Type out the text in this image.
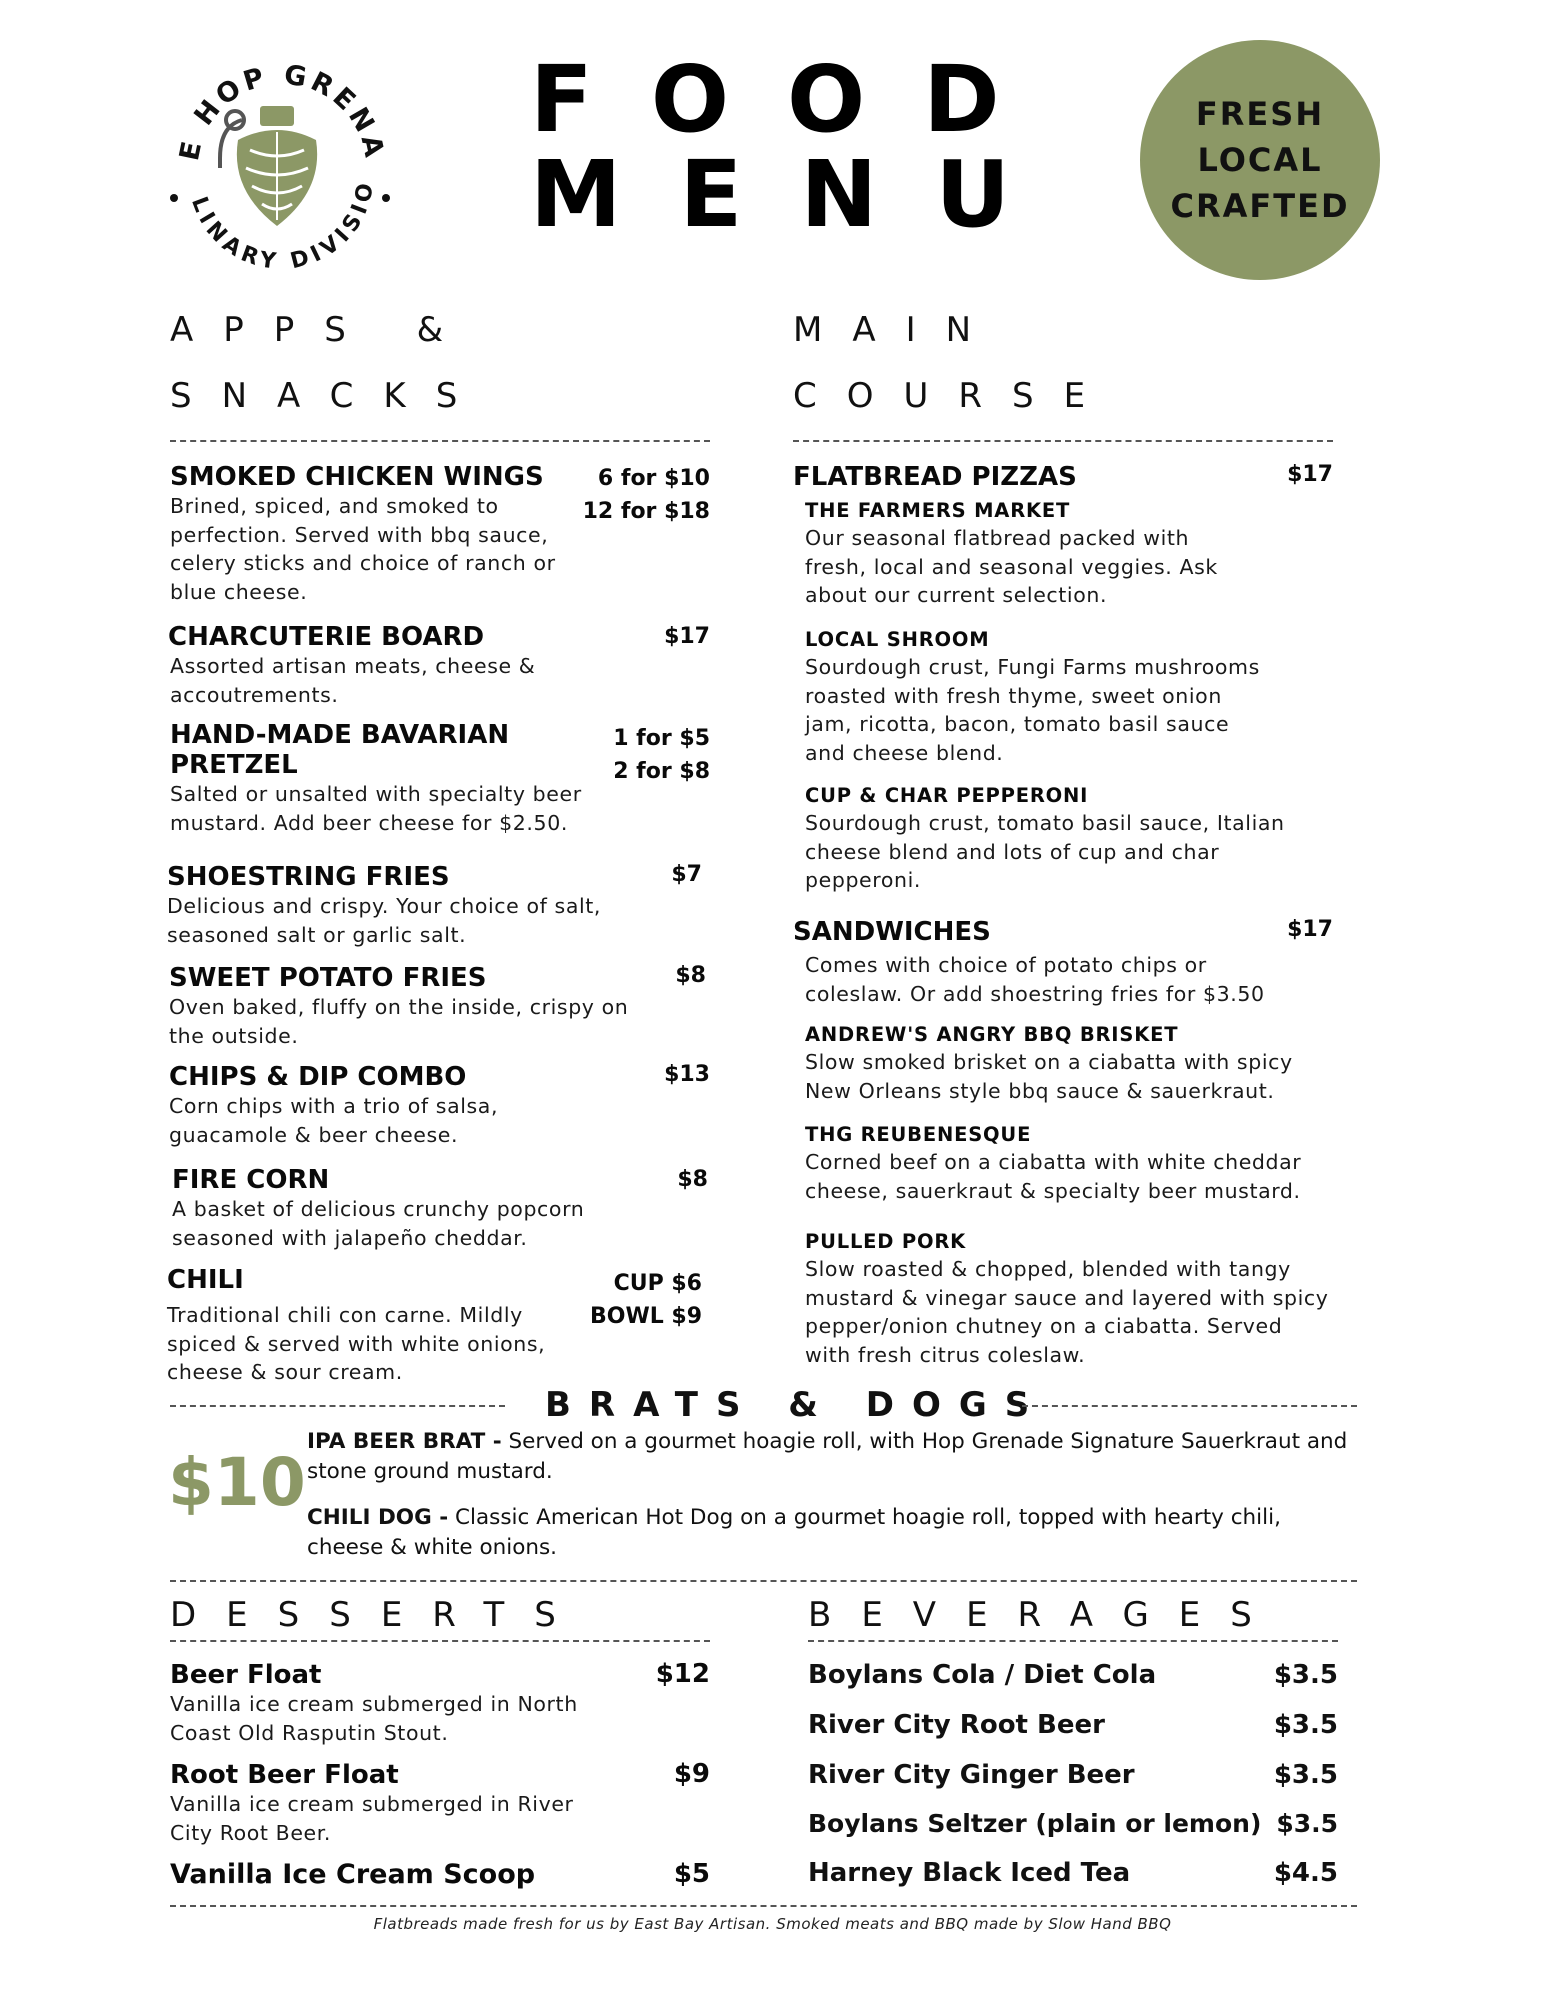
E HOP GRENA
LINARY DIVISIO
FOOD
MENU
FRESH
LOCAL
CRAFTED
APPS &
SNACKS
SMOKED CHICKEN WINGS	6 for $10
12 for $18
Brined, spiced, and smoked to perfection. Served with bbq sauce, celery sticks and choice of ranch or blue cheese.
CHARCUTERIE BOARD	$17
Assorted artisan meats, cheese & accoutrements.
HAND-MADE BAVARIAN PRETZEL
1 for $5
2 for $8
Salted or unsalted with specialty beer mustard. Add beer cheese for $2.50.
SHOESTRING FRIES	$7
Delicious and crispy. Your choice of salt, seasoned salt or garlic salt.
SWEET POTATO FRIES	$8
Oven baked, fluffy on the inside, crispy on the outside.
CHIPS & DIP COMBO	$13
Corn chips with a trio of salsa, guacamole & beer cheese.
FIRE CORN	$8
A basket of delicious crunchy popcorn seasoned with jalapeño cheddar.
CHILI	CUP $6
BOWL $9
Traditional chili con carne. Mildly spiced & served with white onions, cheese & sour cream.
MAIN
COURSE
FLATBREAD PIZZAS	$17
THE FARMERS MARKET
Our seasonal flatbread packed with fresh, local and seasonal veggies. Ask about our current selection.
LOCAL SHROOM
Sourdough crust, Fungi Farms mushrooms roasted with fresh thyme, sweet onion jam, ricotta, bacon, tomato basil sauce and cheese blend.
CUP & CHAR PEPPERONI
Sourdough crust, tomato basil sauce, Italian cheese blend and lots of cup and char pepperoni.
SANDWICHES	$17
Comes with choice of potato chips or coleslaw. Or add shoestring fries for $3.50
ANDREW'S ANGRY BBQ BRISKET
Slow smoked brisket on a ciabatta with spicy New Orleans style bbq sauce & sauerkraut.
THG REUBENESQUE
Corned beef on a ciabatta with white cheddar cheese, sauerkraut & specialty beer mustard.
PULLED PORK
Slow roasted & chopped, blended with tangy mustard & vinegar sauce and layered with spicy pepper/onion chutney on a ciabatta. Served with fresh citrus coleslaw.
BRATS & DOGS
$10
IPA BEER BRAT - Served on a gourmet hoagie roll, with Hop Grenade Signature Sauerkraut and stone ground mustard.
CHILI DOG - Classic American Hot Dog on a gourmet hoagie roll, topped with hearty chili, cheese & white onions.
DESSERTS
Beer Float	$12
Vanilla ice cream submerged in North Coast Old Rasputin Stout.
Root Beer Float	$9
Vanilla ice cream submerged in River City Root Beer.
Vanilla Ice Cream Scoop	$5
BEVERAGES
Boylans Cola / Diet Cola	$3.5
River City Root Beer	$3.5
River City Ginger Beer	$3.5
Boylans Seltzer (plain or lemon) $3.5
Harney Black Iced Tea	$4.5
Flatbreads made fresh for us by East Bay Artisan. Smoked meats and BBQ made by Slow Hand BBQ
